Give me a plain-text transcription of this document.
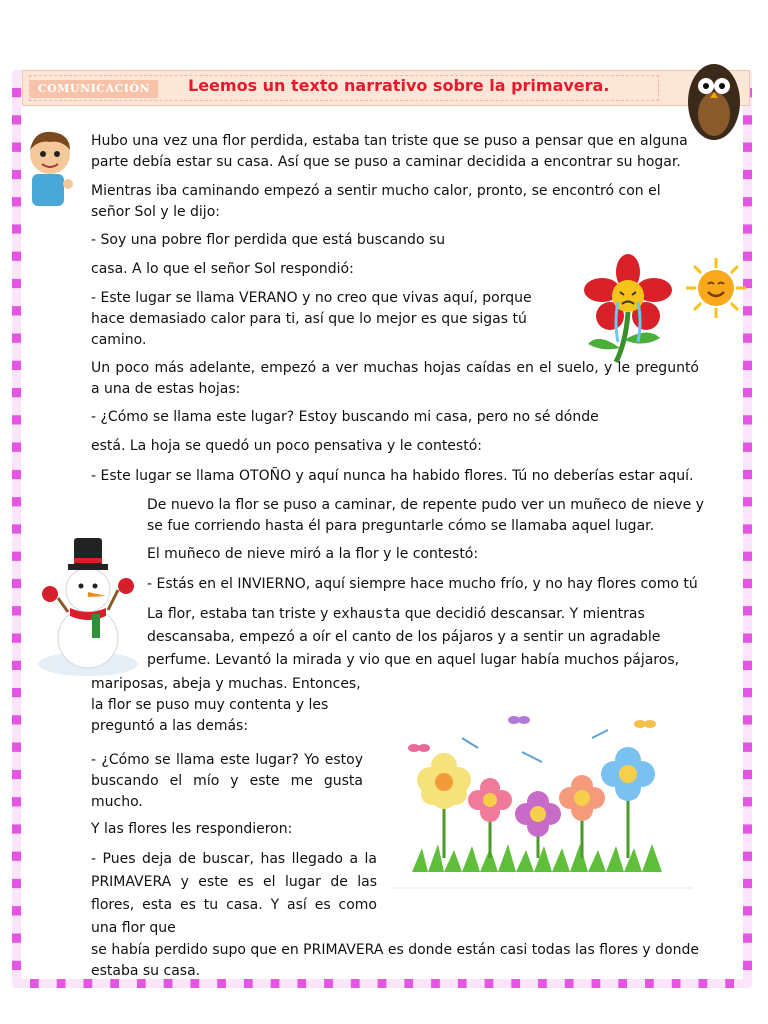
COMUNICACIÓN	Leemos un texto narrativo sobre la primavera.

Hubo una vez una flor perdida, estaba tan triste que se puso a pensar que en alguna parte debía estar su casa. Así que se puso a caminar decidida a encontrar su hogar.

Mientras iba caminando empezó a sentir mucho calor, pronto, se encontró con el señor Sol y le dijo:

- Soy una pobre flor perdida que está buscando su

casa. A lo que el señor Sol respondió:

- Este lugar se llama VERANO y no creo que vivas aquí, porque hace demasiado calor para ti, así que lo mejor es que sigas tú camino.

Un poco más adelante, empezó a ver muchas hojas caídas en el suelo, y le preguntó a una de estas hojas:

- ¿Cómo se llama este lugar? Estoy buscando mi casa, pero no sé dónde

está. La hoja se quedó un poco pensativa y le contestó:

- Este lugar se llama OTOÑO y aquí nunca ha habido flores. Tú no deberías estar aquí.

De nuevo la flor se puso a caminar, de repente pudo ver un muñeco de nieve y se fue corriendo hasta él para preguntarle cómo se llamaba aquel lugar.

El muñeco de nieve miró a la flor y le contestó:

- Estás en el INVIERNO, aquí siempre hace mucho frío, y no hay flores como tú

La flor, estaba tan triste y exhausta que decidió descansar. Y mientras descansaba, empezó a oír el canto de los pájaros y a sentir un agradable perfume. Levantó la mirada y vio que en aquel lugar había muchos pájaros,

mariposas, abeja y muchas. Entonces,

la flor se puso muy contenta y les preguntó a las demás:

- ¿Cómo se llama este lugar? Yo estoy buscando el mío y este me gusta mucho.

Y las flores les respondieron:

- Pues deja de buscar, has llegado a la PRIMAVERA y este es el lugar de las flores, esta es tu casa. Y así es como una flor que

se había perdido supo que en PRIMAVERA es donde están casi todas las flores y donde estaba su casa.
